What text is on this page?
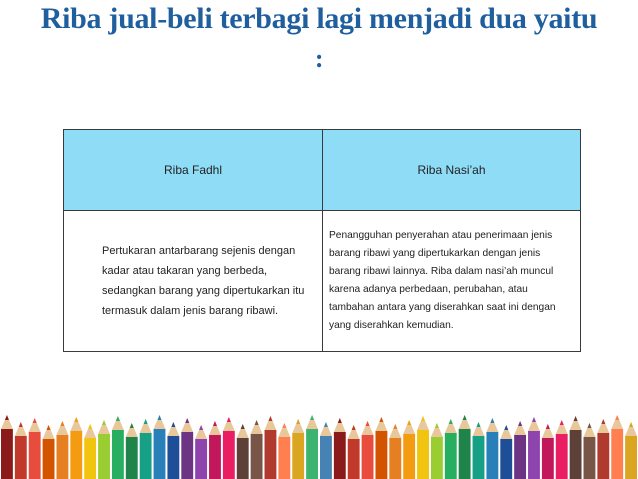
Riba jual-beli terbagi lagi menjadi dua yaitu
:
Riba Fadhl	Riba Nasi’ah
Pertukaran antarbarang sejenis dengan kadar atau takaran yang berbeda, sedangkan barang yang dipertukarkan itu termasuk dalam jenis barang ribawi.	Penangguhan penyerahan atau penerimaan jenis barang ribawi yang dipertukarkan dengan jenis barang ribawi lainnya. Riba dalam nasi’ah muncul karena adanya perbedaan, perubahan, atau tambahan antara yang diserahkan saat ini dengan yang diserahkan kemudian.
